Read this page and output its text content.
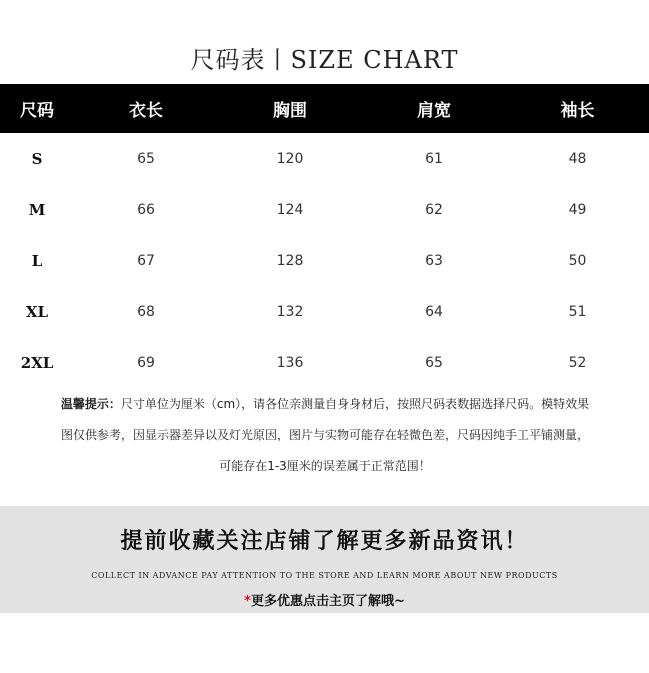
尺码表丨SIZE CHART
尺码	衣长	胸围	肩宽	袖长
S	65	120	61	48
M	66	124	62	49
L	67	128	63	50
XL	68	132	64	51
2XL	69	136	65	52
温馨提示：尺寸单位为厘米（cm），请各位亲测量自身身材后，按照尺码表数据选择尺码。模特效果图仅供参考，因显示器差异以及灯光原因，图片与实物可能存在轻微色差，尺码因纯手工平铺测量，可能存在1-3厘米的误差属于正常范围！
提前收藏关注店铺了解更多新品资讯！
COLLECT IN ADVANCE PAY ATTENTION TO THE STORE AND LEARN MORE ABOUT NEW PRODUCTS
*更多优惠点击主页了解哦~
